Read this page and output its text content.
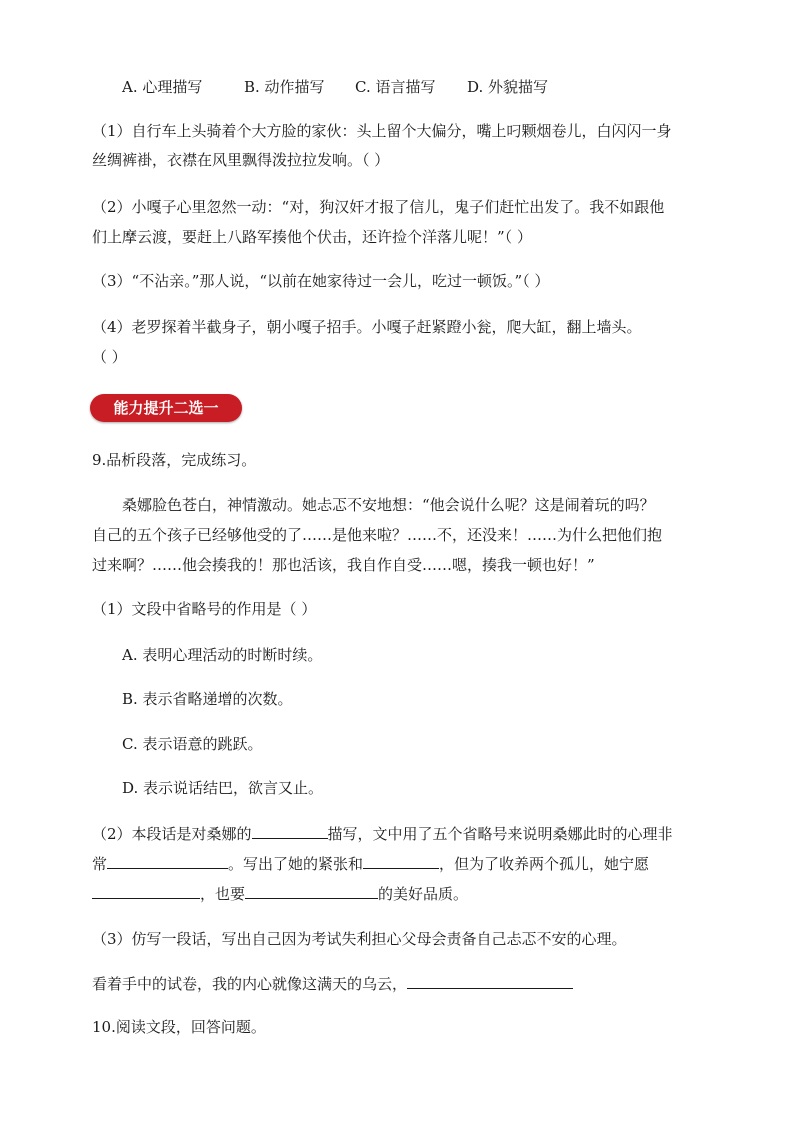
A. 心理描写	B. 动作描写 C. 语言描写 D. 外貌描写
（1）自行车上头骑着个大方脸的家伙：头上留个大偏分，嘴上叼颗烟卷儿，白闪闪一身
丝绸裤褂，衣襟在风里飘得泼拉拉发响。（ ）
（2）小嘎子心里忽然一动：“对，狗汉奸才报了信儿，鬼子们赶忙出发了。我不如跟他
们上摩云渡，要赶上八路军揍他个伏击，还许捡个洋落儿呢！”（ ）
（3）“不沾亲。”那人说，“以前在她家待过一会儿，吃过一顿饭。”（ ）
（4）老罗探着半截身子，朝小嘎子招手。小嘎子赶紧蹬小瓮，爬大缸，翻上墙头。
（ ）
能力提升二选一
9.品析段落，完成练习。
桑娜脸色苍白，神情激动。她忐忑不安地想：“他会说什么呢？这是闹着玩的吗？
自己的五个孩子已经够他受的了……是他来啦？……不，还没来！……为什么把他们抱
过来啊？……他会揍我的！那也活该，我自作自受……嗯，揍我一顿也好！”
（1）文段中省略号的作用是（ ）
A. 表明心理活动的时断时续。
B. 表示省略递增的次数。
C. 表示语意的跳跃。
D. 表示说话结巴，欲言又止。
（2）本段话是对桑娜的	描写，文中用了五个省略号来说明桑娜此时的心理非
常	。写出了她的紧张和	，但为了收养两个孤儿，她宁愿
，也要	的美好品质。
（3）仿写一段话，写出自己因为考试失利担心父母会责备自己忐忑不安的心理。
看着手中的试卷，我的内心就像这满天的乌云，
10.阅读文段，回答问题。
